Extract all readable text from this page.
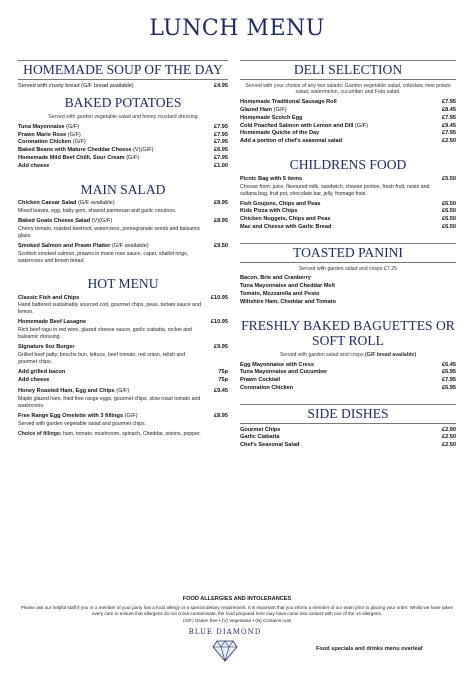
LUNCH MENU
HOMEMADE SOUP OF THE DAY
Served with crusty bread (G/F bread available)	£4.95
BAKED POTATOES
Served with garden vegetable salad and honey mustard dressing
Tuna Mayonnaise (G/F)	£7.95
Prawn Marie Rose (G/F)	£7.95
Coronation Chicken (G/F)	£7.95
Baked Beans with Mature Cheddar Cheese (V)(G/F)	£6.95
Homemade Mild Beef Chilli, Sour Cream (G/F)	£7.95
Add cheese	£1.00
MAIN SALAD
Chicken Caesar Salad (G/F available)	£8.95
Mixed leaves, egg, baby gem, shaved parmesan and garlic croutons.
Baked Goats Cheese Salad (V)(G/F)	£8.95
Cherry tomato, roasted beetroot, watercress, pomegranate seeds and balsamic glaze.
Smoked Salmon and Prawn Platter (G/F available)	£9.50
Scottish smoked salmon, prawns in marie rose sauce, caper, shallot rings, watercress and brown bread.
HOT MENU
Classic Fish and Chips	£10.95
Hand battered sustainably sourced cod, gourmet chips, peas, tartare sauce and lemon.
Homemade Beef Lasagne	£10.95
Rich beef ragu in red wine, glazed cheese sauce, garlic ciabatta, rocket and balsamic dressing.
Signature 6oz Burger	£9.95
Grilled beef patty, brioche bun, lettuce, beef tomato, red onion, relish and gourmet chips.
Add grilled bacon	75p
Add cheese	75p
Honey Roasted Ham, Egg and Chips (G/F)	£9.45
Maple glazed ham, fried free range eggs, gourmet chips, slow roast tomato and watercress.
Free Range Egg Omelette with 3 fillings (G/F)	£8.95
Served with garden vegetable salad and gourmet chips.
Choice of fillings: ham, tomato, mushroom, spinach, Cheddar, onions, pepper.
DELI SELECTION
Served with your choice of any two salads: Garden vegetable salad, coleslaw, new potato salad, watermelon, cucumber and Feta salad.
Homemade Traditional Sausage Roll	£7.95
Glazed Ham (G/F)	£8.45
Homemade Scotch Egg	£7.95
Cold Poached Salmon with Lemon and Dill (G/F)	£9.45
Homemade Quiche of the Day	£7.95
Add a portion of chef's seasonal salad	£2.50
CHILDRENS FOOD
Picnic Bag with 5 items	£5.50
Choose from: juice, flavoured milk, sandwich, cheese portion, fresh fruit, raisin and sultana bag, fruit pot, chocolate bar, jelly, fromage frais.
Fish Goujons, Chips and Peas	£6.50
Kids Pizza with Chips	£6.50
Chicken Nuggets, Chips and Peas	£6.50
Mac and Cheese with Garlic Bread	£6.50
TOASTED PANINI
Served with garden salad and crisps £7.25
Bacon, Brie and Cranberry
Tuna Mayonnaise and Cheddar Melt
Tomato, Mozzarella and Pesto
Wiltshire Ham, Cheddar and Tomato
FRESHLY BAKED BAGUETTES OR SOFT ROLL
Served with garden salad and crisps (G/F bread available)
Egg Mayonnaise with Cress	£6.45
Tuna Mayonnaise and Cucumber	£6.95
Prawn Cocktail	£7.95
Coronation Chicken	£6.95
SIDE DISHES
Gourmet Chips	£2.90
Garlic Ciabatta	£2.50
Chef's Seasonal Salad	£2.50
FOOD ALLERGIES AND INTOLERANCES
Please ask our helpful staff if you or a member of your party has a food allergy or a special dietary requirement. It is important that you inform a member of our team prior to placing your order. Whilst we have taken every care to ensure that allergens do not cross-contaminate, the food prepared here may have come into contact with one of the 14 allergens.
(G/F) Gluten free • (V) Vegetarian • (N) Contains nuts
BLUE DIAMOND
Food specials and drinks menu overleaf
